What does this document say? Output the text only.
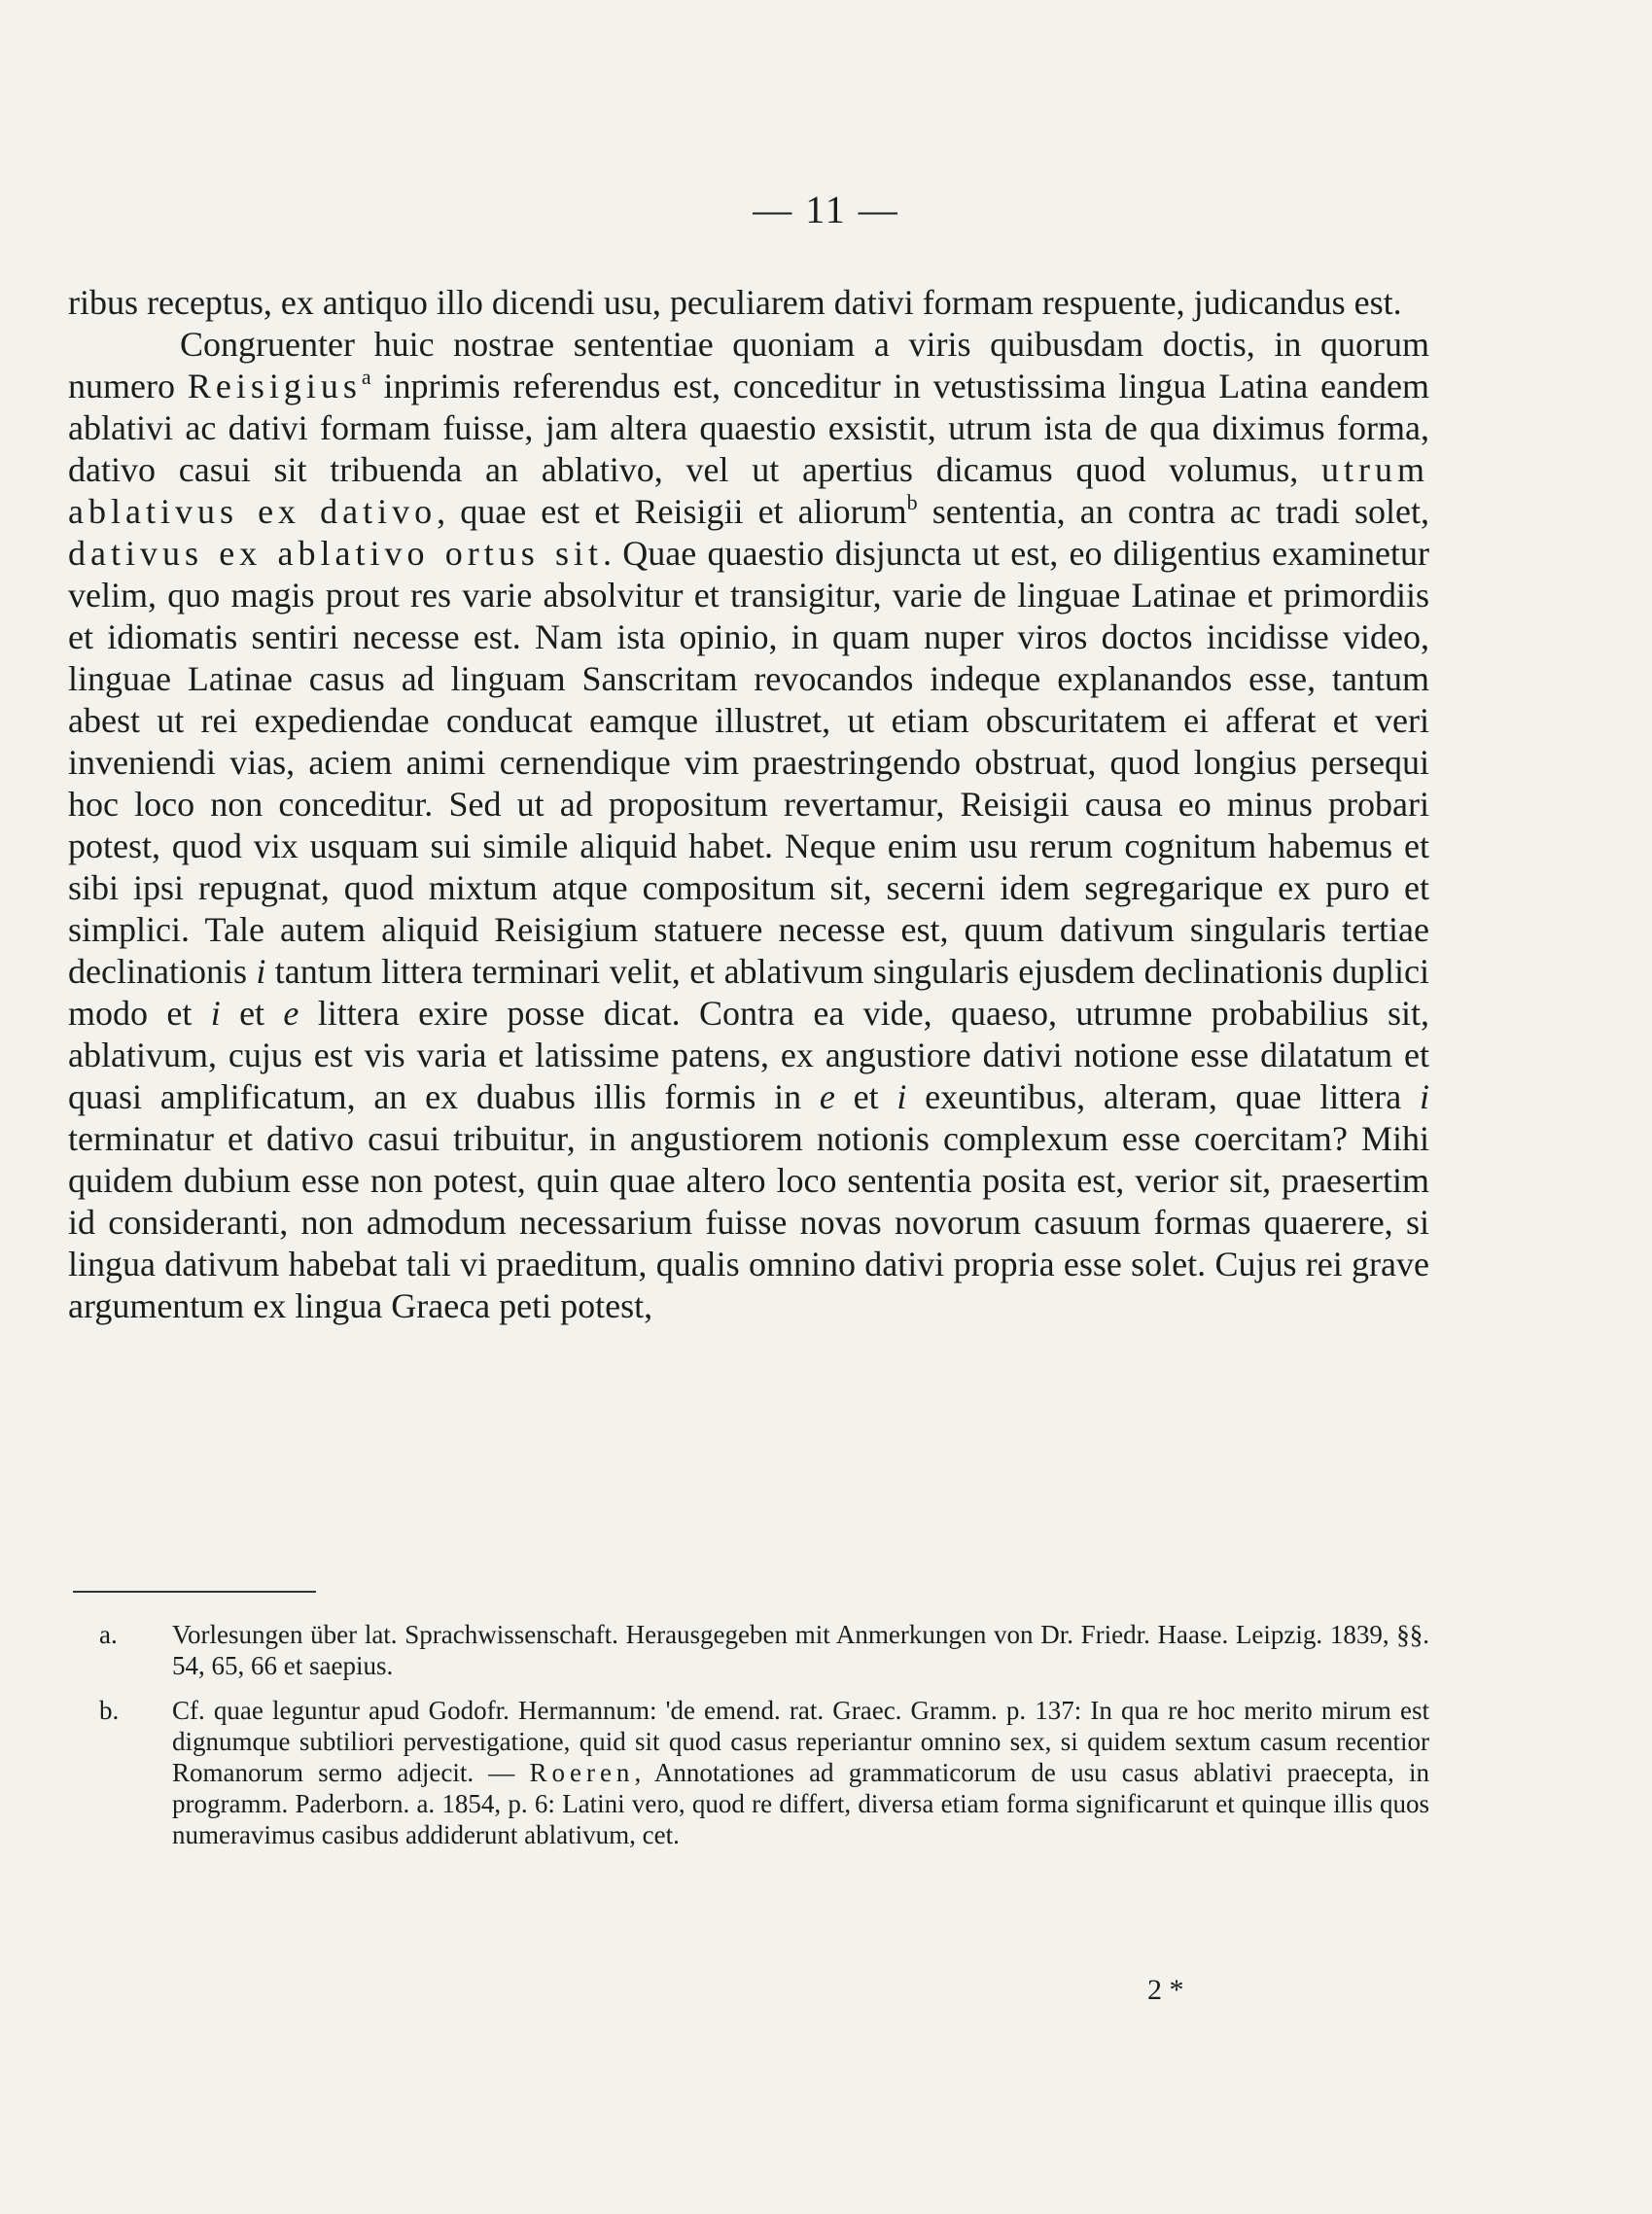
— 11 —

ribus receptus, ex antiquo illo dicendi usu, peculiarem dativi formam respuente, judicandus est.

Congruenter huic nostrae sententiae quoniam a viris quibusdam doctis, in quorum numero Reisigius$^a$ inprimis referendus est, conceditur in vetustissima lingua Latina eandem ablativi ac dativi formam fuisse, jam altera quaestio exsistit, utrum ista de qua diximus forma, dativo casui sit tribuenda an ablativo, vel ut apertius dicamus quod volumus, utrum ablativus ex dativo, quae est et Reisigii et aliorum$^b$ sententia, an contra ac tradi solet, dativus ex ablativo ortus sit. Quae quaestio disjuncta ut est, eo diligentius examinetur velim, quo magis prout res varie absolvitur et transigitur, varie de linguae Latinae et primordiis et idiomatis sentiri necesse est. Nam ista opinio, in quam nuper viros doctos incidisse video, linguae Latinae casus ad linguam Sanscritam revocandos indeque explanandos esse, tantum abest ut rei expediendae conducat eamque illustret, ut etiam obscuritatem ei afferat et veri inveniendi vias, aciem animi cernendique vim praestringendo obstruat, quod longius persequi hoc loco non conceditur. Sed ut ad propositum revertamur, Reisigii causa eo minus probari potest, quod vix usquam sui simile aliquid habet. Neque enim usu rerum cognitum habemus et sibi ipsi repugnat, quod mixtum atque compositum sit, secerni idem segregarique ex puro et simplici. Tale autem aliquid Reisigium statuere necesse est, quum dativum singularis tertiae declinationis i tantum littera terminari velit, et ablativum singularis ejusdem declinationis duplici modo et i et e littera exire posse dicat. Contra ea vide, quaeso, utrumne probabilius sit, ablativum, cujus est vis varia et latissime patens, ex angustiore dativi notione esse dilatatum et quasi amplificatum, an ex duabus illis formis in e et i exeuntibus, alteram, quae littera i terminatur et dativo casui tribuitur, in angustiorem notionis complexum esse coercitam? Mihi quidem dubium esse non potest, quin quae altero loco sententia posita est, verior sit, praesertim id consideranti, non admodum necessarium fuisse novas novorum casuum formas quaerere, si lingua dativum habebat tali vi praeditum, qualis omnino dativi propria esse solet. Cujus rei grave argumentum ex lingua Graeca peti potest,

a.	Vorlesungen über lat. Sprachwissenschaft. Herausgegeben mit Anmerkungen von Dr. Friedr. Haase. Leipzig. 1839, §§. 54, 65, 66 et saepius.
b.	Cf. quae leguntur apud Godofr. Hermannum: 'de emend. rat. Graec. Gramm. p. 137: In qua re hoc merito mirum est dignumque subtiliori pervestigatione, quid sit quod casus reperiantur omnino sex, si quidem sextum casum recentior Romanorum sermo adjecit. — Roeren, Annotationes ad grammaticorum de usu casus ablativi praecepta, in programm. Paderborn. a. 1854, p. 6: Latini vero, quod re differt, diversa etiam forma significarunt et quinque illis quos numeravimus casibus addiderunt ablativum, cet.
2 *
